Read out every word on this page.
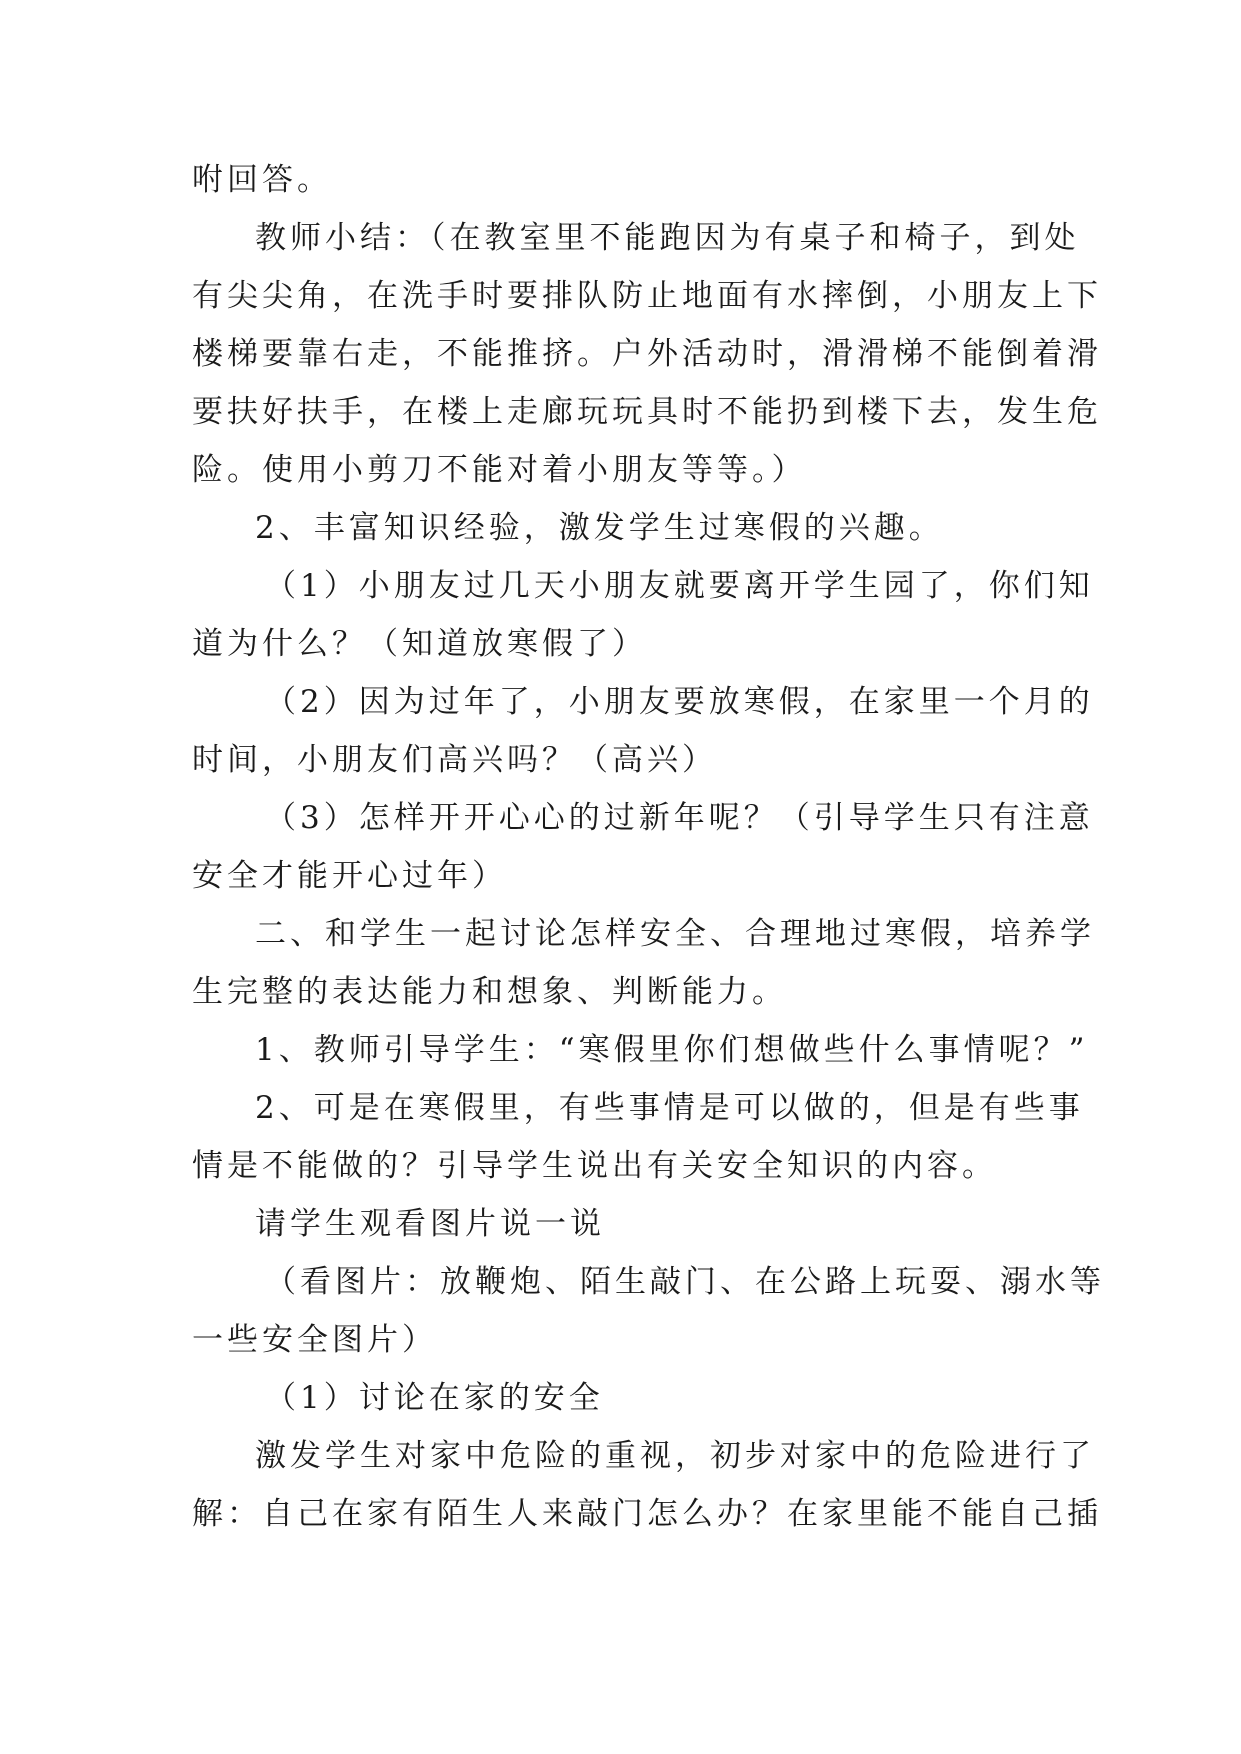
咐回答。
教师小结：（在教室里不能跑因为有桌子和椅子，到处
有尖尖角，在洗手时要排队防止地面有水摔倒，小朋友上下
楼梯要靠右走，不能推挤。户外活动时，滑滑梯不能倒着滑
要扶好扶手，在楼上走廊玩玩具时不能扔到楼下去，发生危
险。使用小剪刀不能对着小朋友等等。）
2、丰富知识经验，激发学生过寒假的兴趣。
（1）小朋友过几天小朋友就要离开学生园了，你们知
道为什么？（知道放寒假了）
（2）因为过年了，小朋友要放寒假，在家里一个月的
时间，小朋友们高兴吗？（高兴）
（3）怎样开开心心的过新年呢？（引导学生只有注意
安全才能开心过年）
二、和学生一起讨论怎样安全、合理地过寒假，培养学
生完整的表达能力和想象、判断能力。
1、教师引导学生：“寒假里你们想做些什么事情呢？”
2、可是在寒假里，有些事情是可以做的，但是有些事
情是不能做的？引导学生说出有关安全知识的内容。
请学生观看图片说一说
（看图片：放鞭炮、陌生敲门、在公路上玩耍、溺水等
一些安全图片）
（1）讨论在家的安全
激发学生对家中危险的重视，初步对家中的危险进行了
解：自己在家有陌生人来敲门怎么办？在家里能不能自己插
